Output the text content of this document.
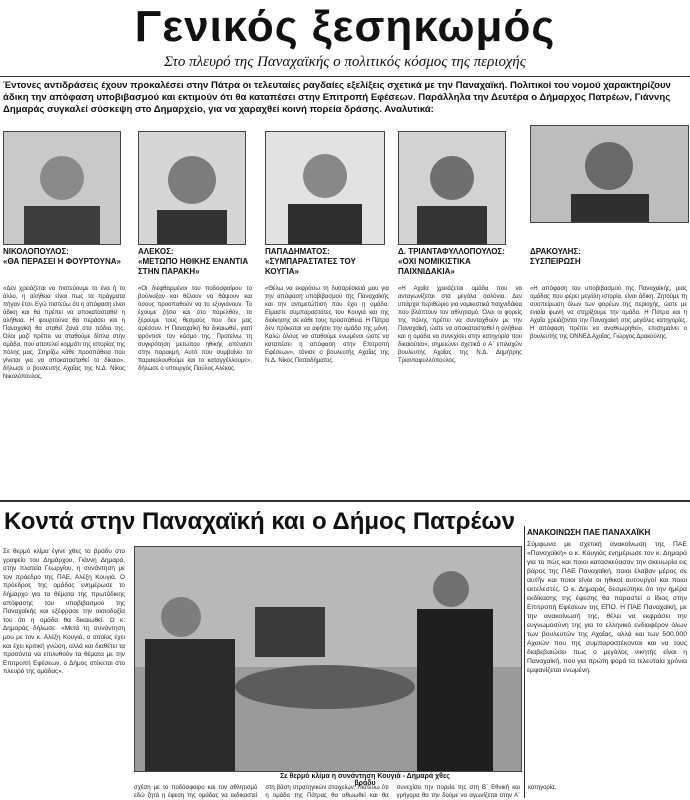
Γενικός ξεσηκωμός
Στο πλευρό της Παναχαϊκής ο πολιτικός κόσμος της περιοχής
Έντονες αντιδράσεις έχουν προκαλέσει στην Πάτρα οι τελευταίες ραγδαίες εξελίξεις σχετικά με την Παναχαϊκή. Πολιτικοί του νομού χαρακτηρίζουν άδικη την απόφαση υποβιβασμού και εκτιμούν ότι θα καταπέσει στην Επιτροπή Εφέσεων. Παράλληλα την Δευτέρα ο Δήμαρχος Πατρέων, Γιάννης Δημαράς συγκαλεί σύσκεψη στο Δημαρχείο, για να χαραχθεί κοινή πορεία δράσης. Αναλυτικά:
ΝΙΚΟΛΟΠΟΥΛΟΣ:
«ΘΑ ΠΕΡΑΣΕΙ Η ΦΟΥΡΤΟΥΝΑ»
ΑΛΕΚΟΣ:
«ΜΕΤΩΠΟ ΗΘΙΚΗΣ ΕΝΑΝΤΙΑ ΣΤΗΝ ΠΑΡΑΚΗ»
ΠΑΠΑΔΗΜΑΤΟΣ:
«ΣΥΜΠΑΡΑΣΤΑΤΕΣ ΤΟΥ ΚΟΥΓΙΑ»
Δ. ΤΡΙΑΝΤΑΦΥΛΛΟΠΟΥΛΟΣ:
«ΟΧΙ ΝΟΜΙΚΙΣΤΙΚΑ ΠΑΙΧΝΙΔΑΚΙΑ»
ΔΡΑΚΟΥΛΗΣ:
ΣΥΣΠΕΙΡΩΣΗ
«Δεν χρειάζεται να πιστεύουμε το ένα ή το άλλο, η αλήθεια είναι πως τα πράγματα πήγαν έτσι. Εγώ πιστεύω ότι η απόφαση είναι άδικη και θα πρέπει να αποκατασταθεί η αλήθεια. Η φουρτούνα θα περάσει και η Παναχαϊκή θα σταθεί ξανά στα πόδια της. Όλοι μαζί πρέπει να σταθούμε δίπλα στην ομάδα, που αποτελεί κομμάτι της ιστορίας της πόλης μας. Στηρίζω κάθε προσπάθεια που γίνεται για να αποκατασταθεί το δίκαιο», δήλωσε ο βουλευτής Αχαΐας της Ν.Δ. Νίκος Νικολόπουλος.
«Οι διεφθαρμένοι του ποδοσφαίρου το βούλιαξαν και θέλουν να θάψουν και όσους προσπαθούν να το εξυγιάνουν. Το έχουμε ζήσει και στο παρελθόν, τα ξέρουμε τους θεσμούς που δεν μας αρέσουν. Η Παναχαϊκή θα δικαιωθεί, γιατί φρόντισε τον κόσμο της. Προτείνω τη συγκρότηση μετώπου ηθικής απέναντι στην παρακμή. Αυτό που συμβαίνει το παρακολουθούμε και το καταγγέλλουμε», δήλωσε ο υπουργός Παύλος Αλέκος.
«Θέλω να εκφράσω τη δυσαρέσκειά μου για την απόφαση υποβιβασμού της Παναχαϊκής και την αντιμετώπιση που έχει η ομάδα. Είμαστε συμπαραστάτες του Κουγιά και της διοίκησης σε κάθε τους προσπάθεια. Η Πάτρα δεν πρόκειται να αφήσει την ομάδα της μόνη. Καλώ όλους να σταθούμε ενωμένοι ώστε να καταπέσει η απόφαση στην Επιτροπή Εφέσεων», τόνισε ο βουλευτής Αχαΐας της Ν.Δ. Νίκος Παπαδήματος.
«Η Αχαΐα χρειάζεται ομάδα που να ανταγωνίζεται στα μεγάλα σαλόνια. Δεν υπάρχει περιθώριο για νομικιστικά παιχνιδάκια που βλάπτουν τον αθλητισμό. Όλοι οι φορείς της πόλης πρέπει να συνταχθούν με την Παναχαϊκή, ώστε να αποκατασταθεί η αλήθεια και η ομάδα να συνεχίσει στην κατηγορία που δικαιούται», σημειώνει σχετικά ο Α΄ επιλαχών βουλευτής Αχαΐας της Ν.Δ. Δημήτρης Τριανταφυλλόπουλος.
«Η απόφαση του υποβιβασμού της Παναχαϊκής, μιας ομάδας που φέρει μεγάλη ιστορία, είναι άδικη. Ζητούμε τη συσπείρωση όλων των φορέων της περιοχής, ώστε με ενιαία φωνή να στηρίξουμε την ομάδα. Η Πάτρα και η Αχαΐα χρειάζονται την Παναχαϊκή στις μεγάλες κατηγορίες. Η απόφαση πρέπει να αναθεωρηθεί», επισημαίνει ο βουλευτής της ΟΝΝΕΔ Αχαΐας, Γιώργος Δρακούλης.
Κοντά στην Παναχαϊκή και ο Δήμος Πατρέων
Σε θερμό κλίμα έγινε χθες το βράδυ στο γραφείο του Δημάρχου, Γιάννη Δημαρά, στην πλατεία Γεωργίου, η συνάντηση με τον πρόεδρο της ΠΑΕ, Αλέξη Κουγιά. Ο πρόεδρος της ομάδος ενημέρωσε το δήμαρχο για τα θέματα της πρωτόδικης απόφασης του υποβιβασμού της Παναχαϊκής και εξέφρασε την αισιοδοξία του ότι η ομάδα θα δικαιωθεί. Ο κ. Δημαράς δήλωσε: «Μετά τη συνάντηση μου με τον κ. Αλέξη Κουγιά, ο οποίος έχει και έχει κριτική γνώση, αλλά και διαθέτει τα προσόντα να επιλυθούν τα θέματα με την Επιτροπή Εφέσεων, ο Δήμος στέκεται στο πλευρό της ομάδας».
Σε θερμό κλίμα η συνάντηση Κουγιά - Δημαρά χθες βράδυ
σχέση με το ποδόσφαιρο και τον αθλητισμό εδώ ζητά η έφεση της ομάδας να εκδικαστεί στη βάση στρατηγικών στοιχείων. Πιστεύω ότι η ομάδα της Πάτρας θα αθωωθεί και θα συνεχίσει την πορεία της στη Β΄ Εθνική και γρήγορα θα την δούμε να αγωνίζεται στην Α΄ κατηγορία.
ΑΝΑΚΟΙΝΩΣΗ ΠΑΕ ΠΑΝΑΧΑΪΚΗ
Σύμφωνα με σχετική ανακοίνωση της ΠΑΕ «Παναχαϊκή» ο κ. Κουγιάς ενημέρωσε τον κ. Δημαρά για το πώς και ποιοι κατασκεύασαν την σκευωρία εις βάρος της ΠΑΕ Παναχαϊκή, ποιοι έλαβαν μέρος σε αυτήν και ποιοι είναι οι ηθικοί αυτουργοί και ποιοι εκτελεστές. Ο κ. Δημαράς δεσμεύτηκε ότι την ημέρα εκδίκασης της έφεσης θα παραστεί ο ίδιος στην Επιτροπή Εφέσεων της ΕΠΟ. Η ΠΑΕ Παναχαϊκή, με την ανακοίνωσή της, θέλει να εκφράσει την ευγνωμοσύνη της για το ελληνικό ενδιαφέρον όλων των βουλευτών της Αχαΐας, αλλά και των 500.000 Αχαιών που της συμπαραστέκονται και να τους διαβεβαιώσει πως ο μεγάλος νικητής είναι η Παναχαϊκή, που για πρώτη φορά τα τελευταία χρόνια εμφανίζεται ενωμένη.
